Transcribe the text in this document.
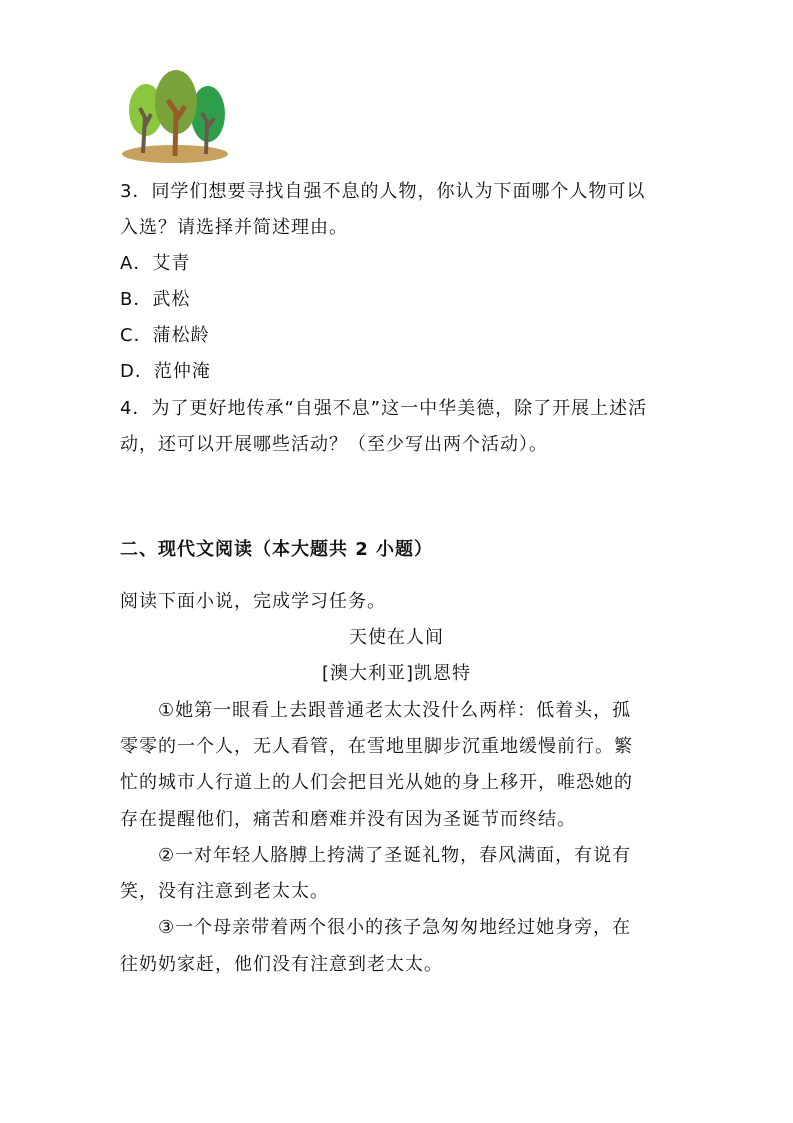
3．同学们想要寻找自强不息的人物，你认为下面哪个人物可以
入选？请选择并简述理由。
A．艾青
B．武松
C．蒲松龄
D．范仲淹
4．为了更好地传承“自强不息”这一中华美德，除了开展上述活
动，还可以开展哪些活动？（至少写出两个活动）。
二、现代文阅读（本大题共 2 小题）
阅读下面小说，完成学习任务。
天使在人间
[澳大利亚]凯恩特
①她第一眼看上去跟普通老太太没什么两样：低着头，孤
零零的一个人，无人看管，在雪地里脚步沉重地缓慢前行。繁
忙的城市人行道上的人们会把目光从她的身上移开，唯恐她的
存在提醒他们，痛苦和磨难并没有因为圣诞节而终结。
②一对年轻人胳膊上挎满了圣诞礼物，春风满面，有说有
笑，没有注意到老太太。
③一个母亲带着两个很小的孩子急匆匆地经过她身旁，在
往奶奶家赶，他们没有注意到老太太。
